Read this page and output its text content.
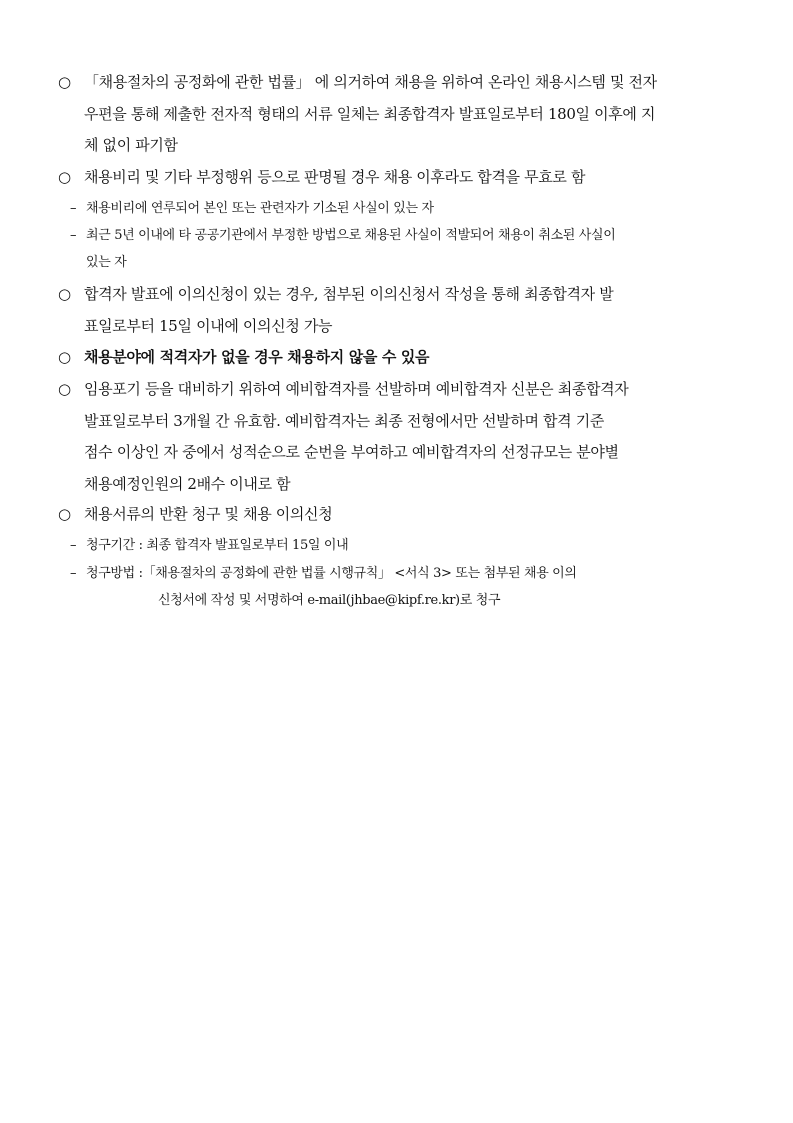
○ 「채용절차의 공정화에 관한 법률」 에 의거하여 채용을 위하여 온라인 채용시스템 및 전자
우편을 통해 제출한 전자적 형태의 서류 일체는 최종합격자 발표일로부터 180일 이후에 지
체 없이 파기함
○ 채용비리 및 기타 부정행위 등으로 판명될 경우 채용 이후라도 합격을 무효로 함
– 채용비리에 연루되어 본인 또는 관련자가 기소된 사실이 있는 자
– 최근 5년 이내에 타 공공기관에서 부정한 방법으로 채용된 사실이 적발되어 채용이 취소된 사실이
있는 자
○ 합격자 발표에 이의신청이 있는 경우, 첨부된 이의신청서 작성을 통해 최종합격자 발
표일로부터 15일 이내에 이의신청 가능
○ 채용분야에 적격자가 없을 경우 채용하지 않을 수 있음
○ 임용포기 등을 대비하기 위하여 예비합격자를 선발하며 예비합격자 신분은 최종합격자
발표일로부터 3개월 간 유효함. 예비합격자는 최종 전형에서만 선발하며 합격 기준
점수 이상인 자 중에서 성적순으로 순번을 부여하고 예비합격자의 선정규모는 분야별
채용예정인원의 2배수 이내로 함
○ 채용서류의 반환 청구 및 채용 이의신청
– 청구기간 : 최종 합격자 발표일로부터 15일 이내
– 청구방법 :「채용절차의 공정화에 관한 법률 시행규칙」 <서식 3> 또는 첨부된 채용 이의
신청서에 작성 및 서명하여 e-mail(jhbae@kipf.re.kr)로 청구
